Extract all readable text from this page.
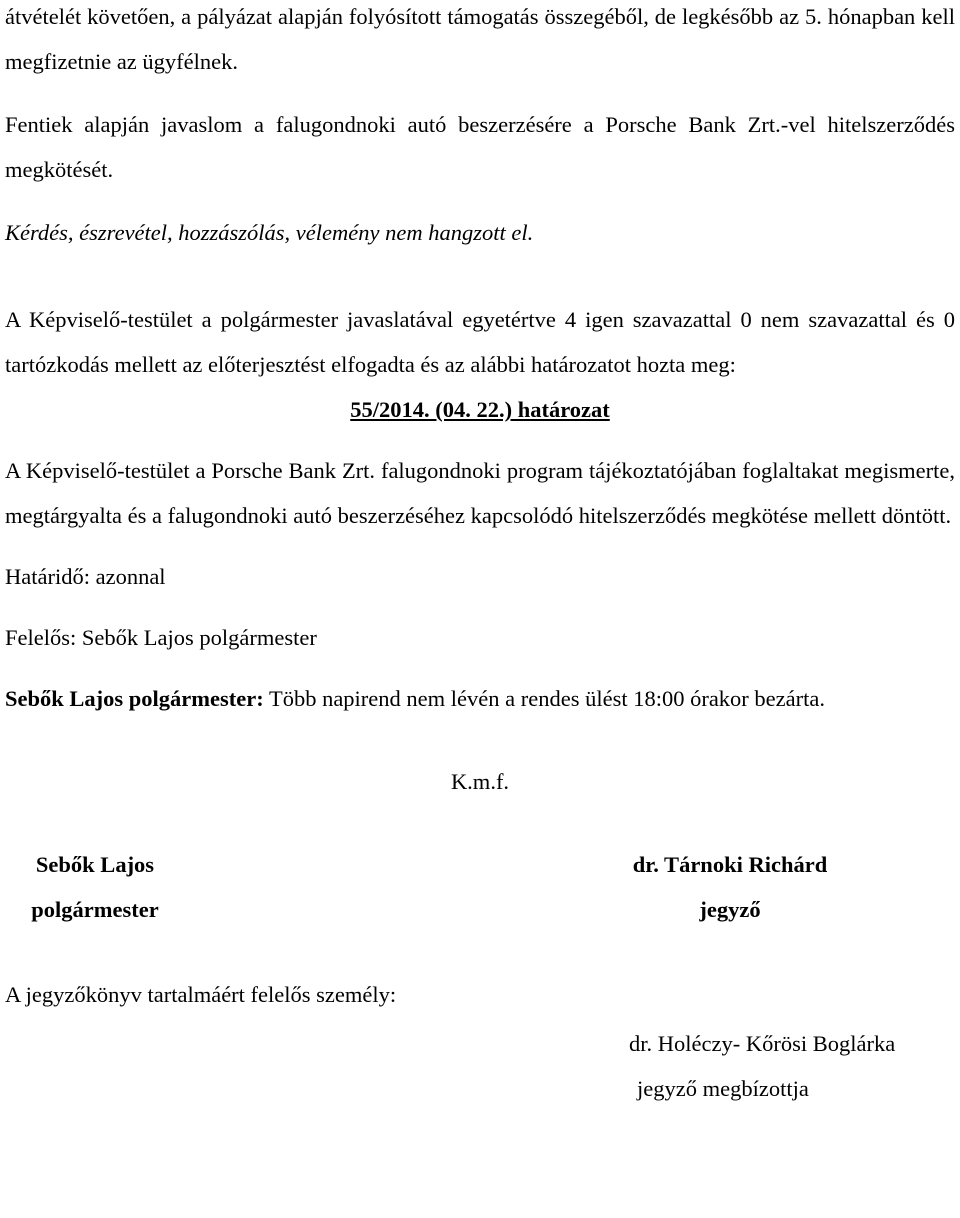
átvételét követően, a pályázat alapján folyósított támogatás összegéből, de legkésőbb az 5. hónapban kell megfizetnie az ügyfélnek.

Fentiek alapján javaslom a falugondnoki autó beszerzésére a Porsche Bank Zrt.-vel hitelszerződés megkötését.

Kérdés, észrevétel, hozzászólás, vélemény nem hangzott el.

A Képviselő-testület a polgármester javaslatával egyetértve 4 igen szavazattal 0 nem szavazattal és 0 tartózkodás mellett az előterjesztést elfogadta és az alábbi határozatot hozta meg:

55/2014. (04. 22.) határozat

A Képviselő-testület a Porsche Bank Zrt. falugondnoki program tájékoztatójában foglaltakat megismerte, megtárgyalta és a falugondnoki autó beszerzéséhez kapcsolódó hitelszerződés megkötése mellett döntött.

Határidő: azonnal

Felelős: Sebők Lajos polgármester

Sebők Lajos polgármester: Több napirend nem lévén a rendes ülést 18:00 órakor bezárta.

K.m.f.

Sebők Lajos
polgármester
dr. Tárnoki Richárd
jegyző

A jegyzőkönyv tartalmáért felelős személy:

dr. Holéczy- Kőrösi Boglárka
jegyző megbízottja
